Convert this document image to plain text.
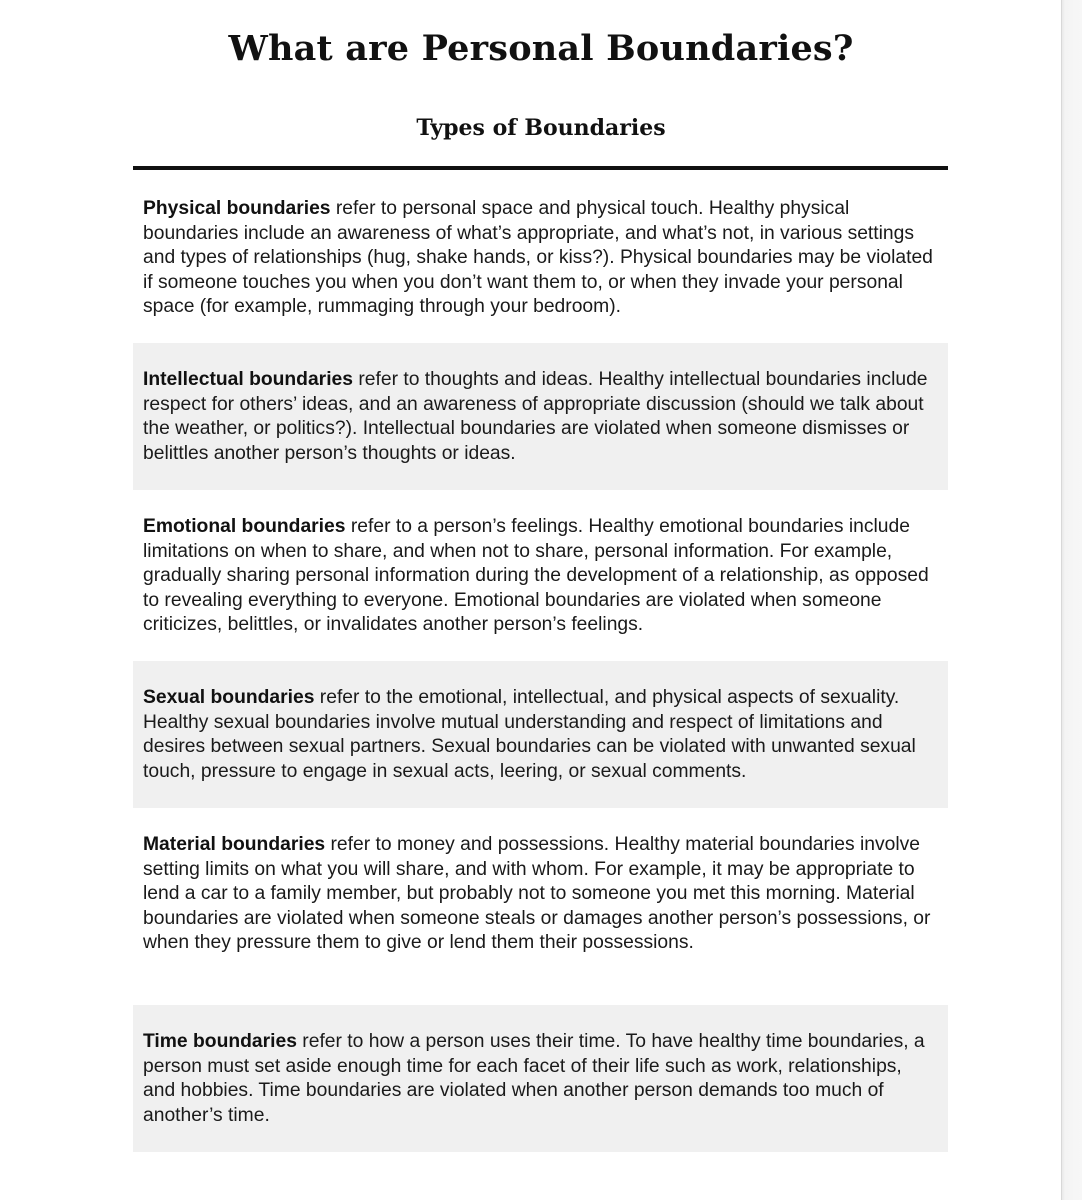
What are Personal Boundaries?
Types of Boundaries

Physical boundaries refer to personal space and physical touch. Healthy physical boundaries include an awareness of what’s appropriate, and what’s not, in various settings and types of relationships (hug, shake hands, or kiss?). Physical boundaries may be violated if someone touches you when you don’t want them to, or when they invade your personal space (for example, rummaging through your bedroom).

Intellectual boundaries refer to thoughts and ideas. Healthy intellectual boundaries include respect for others’ ideas, and an awareness of appropriate discussion (should we talk about the weather, or politics?). Intellectual boundaries are violated when someone dismisses or belittles another person’s thoughts or ideas.

Emotional boundaries refer to a person’s feelings. Healthy emotional boundaries include limitations on when to share, and when not to share, personal information. For example, gradually sharing personal information during the development of a relationship, as opposed to revealing everything to everyone. Emotional boundaries are violated when someone criticizes, belittles, or invalidates another person’s feelings.

Sexual boundaries refer to the emotional, intellectual, and physical aspects of sexuality. Healthy sexual boundaries involve mutual understanding and respect of limitations and desires between sexual partners. Sexual boundaries can be violated with unwanted sexual touch, pressure to engage in sexual acts, leering, or sexual comments.

Material boundaries refer to money and possessions. Healthy material boundaries involve setting limits on what you will share, and with whom. For example, it may be appropriate to lend a car to a family member, but probably not to someone you met this morning. Material boundaries are violated when someone steals or damages another person’s possessions, or when they pressure them to give or lend them their possessions.

Time boundaries refer to how a person uses their time. To have healthy time boundaries, a person must set aside enough time for each facet of their life such as work, relationships, and hobbies. Time boundaries are violated when another person demands too much of another’s time.
